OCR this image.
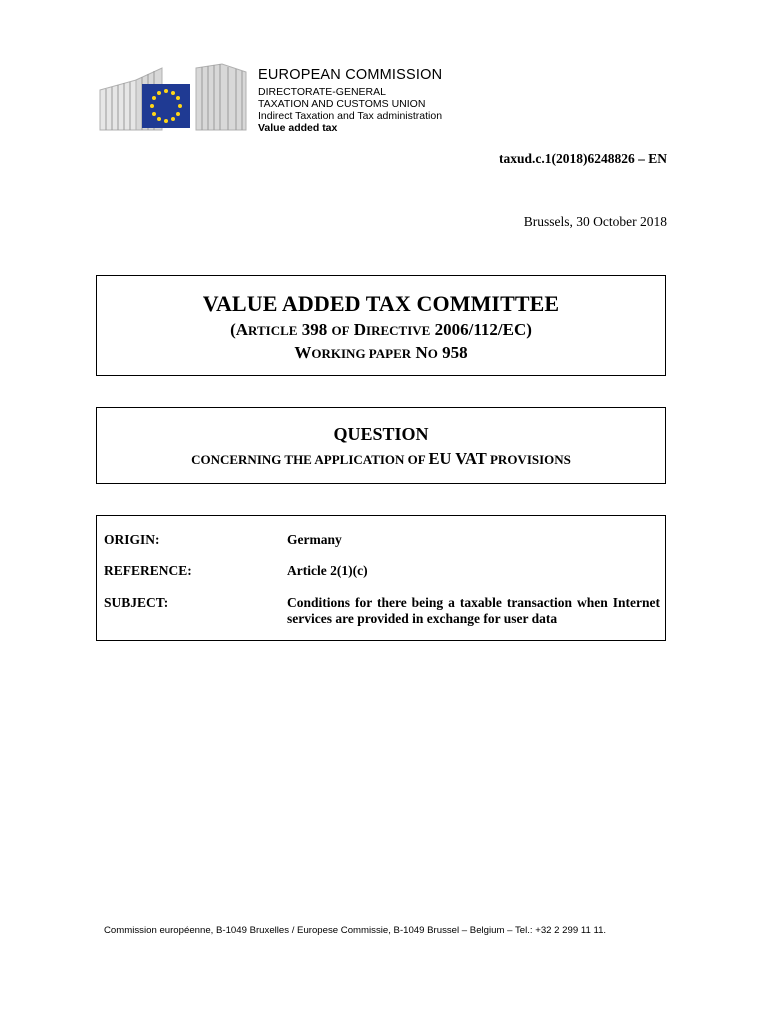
EUROPEAN COMMISSION
DIRECTORATE-GENERAL
TAXATION AND CUSTOMS UNION
Indirect Taxation and Tax administration
Value added tax
taxud.c.1(2018)6248826 – EN
Brussels, 30 October 2018
VALUE ADDED TAX COMMITTEE
(ARTICLE 398 OF DIRECTIVE 2006/112/EC)
WORKING PAPER NO 958
QUESTION
CONCERNING THE APPLICATION OF EU VAT PROVISIONS
ORIGIN:	Germany
REFERENCE:	Article 2(1)(c)
SUBJECT:	Conditions for there being a taxable transaction when Internet services are provided in exchange for user data
Commission européenne, B-1049 Bruxelles / Europese Commissie, B-1049 Brussel – Belgium – Tel.: +32 2 299 11 11.
